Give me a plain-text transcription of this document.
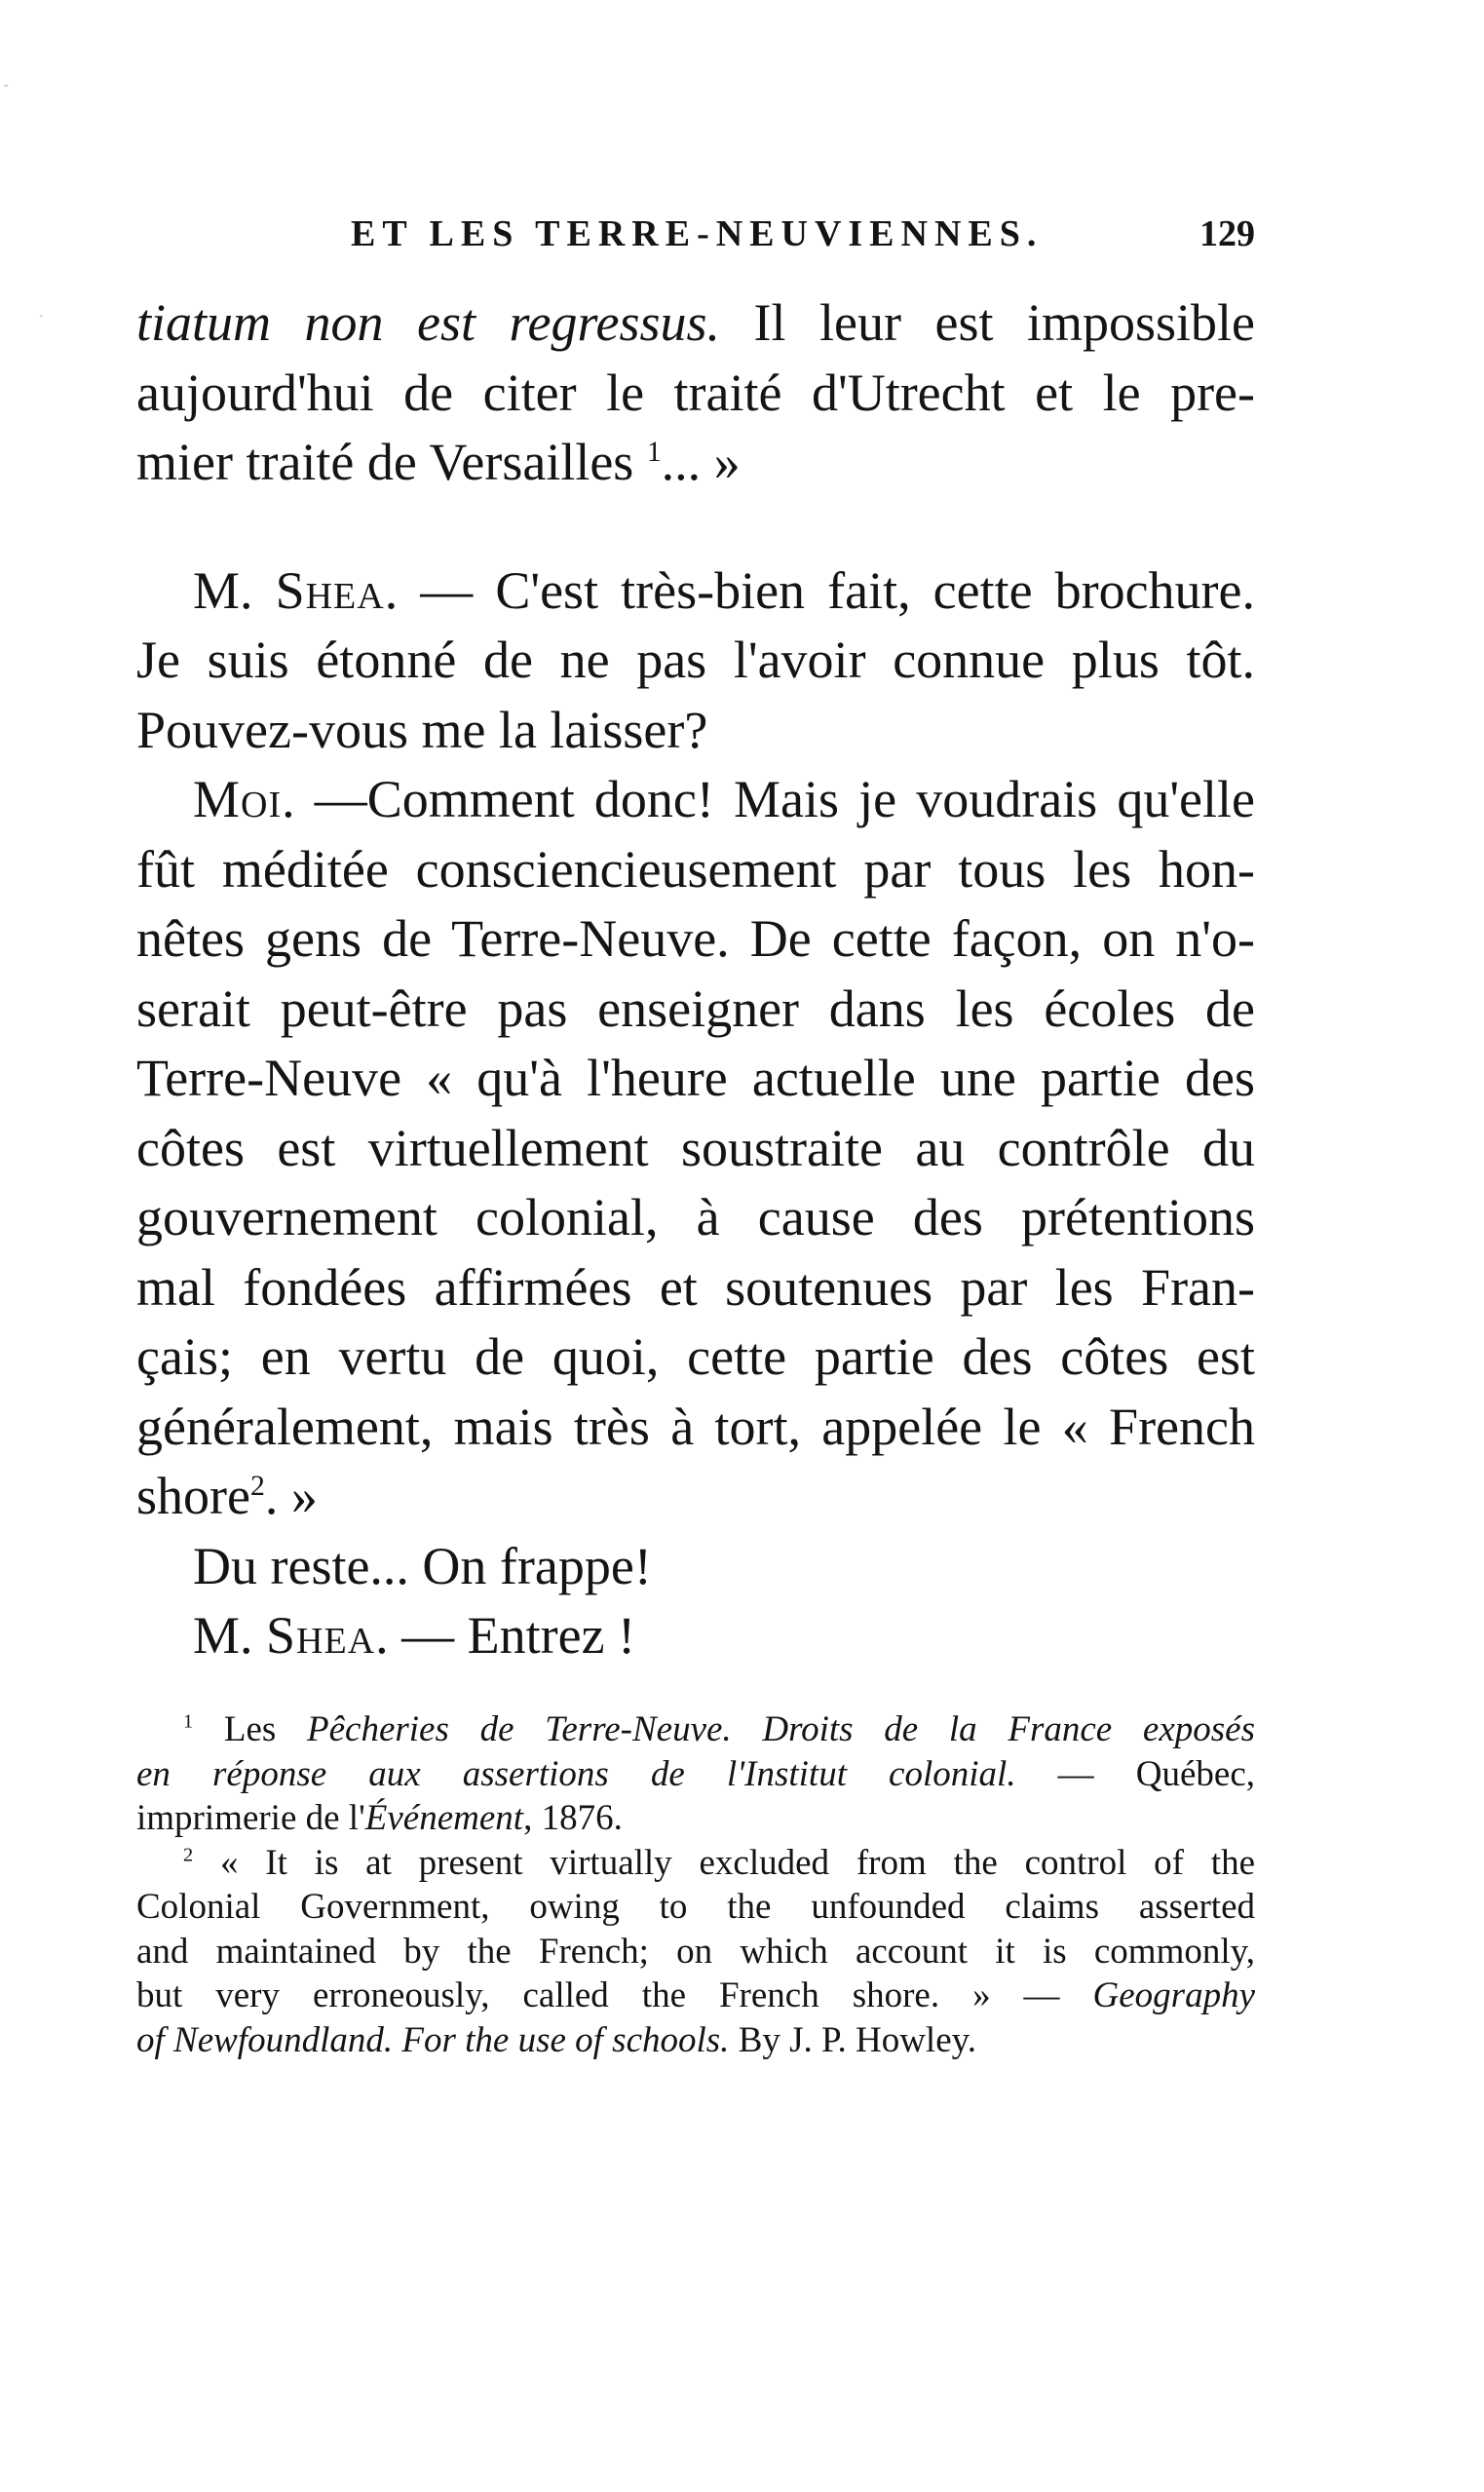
-
·
ET LES TERRE-NEUVIENNES.	129
tiatum non est regressus. Il leur est impossible
aujourd'hui de citer le traité d'Utrecht et le pre-
mier traité de Versailles $^1$... »
M. Shea. — C'est très-bien fait, cette brochure.
Je suis étonné de ne pas l'avoir connue plus tôt.
Pouvez-vous me la laisser?
Moi. —Comment donc! Mais je voudrais qu'elle
fût méditée consciencieusement par tous les hon-
nêtes gens de Terre-Neuve. De cette façon, on n'o-
serait peut-être pas enseigner dans les écoles de
Terre-Neuve « qu'à l'heure actuelle une partie des
côtes est virtuellement soustraite au contrôle du
gouvernement colonial, à cause des prétentions
mal fondées affirmées et soutenues par les Fran-
çais; en vertu de quoi, cette partie des côtes est
généralement, mais très à tort, appelée le « French
shore$^2$. »
Du reste... On frappe!
M. Shea. — Entrez !
$^1$ Les Pêcheries de Terre-Neuve. Droits de la France exposés
en réponse aux assertions de l'Institut colonial. — Québec,
imprimerie de l'Événement, 1876.
$^2$ « It is at present virtually excluded from the control of the
Colonial Government, owing to the unfounded claims asserted
and maintained by the French; on which account it is commonly,
but very erroneously, called the French shore. » — Geography
of Newfoundland. For the use of schools. By J. P. Howley.
